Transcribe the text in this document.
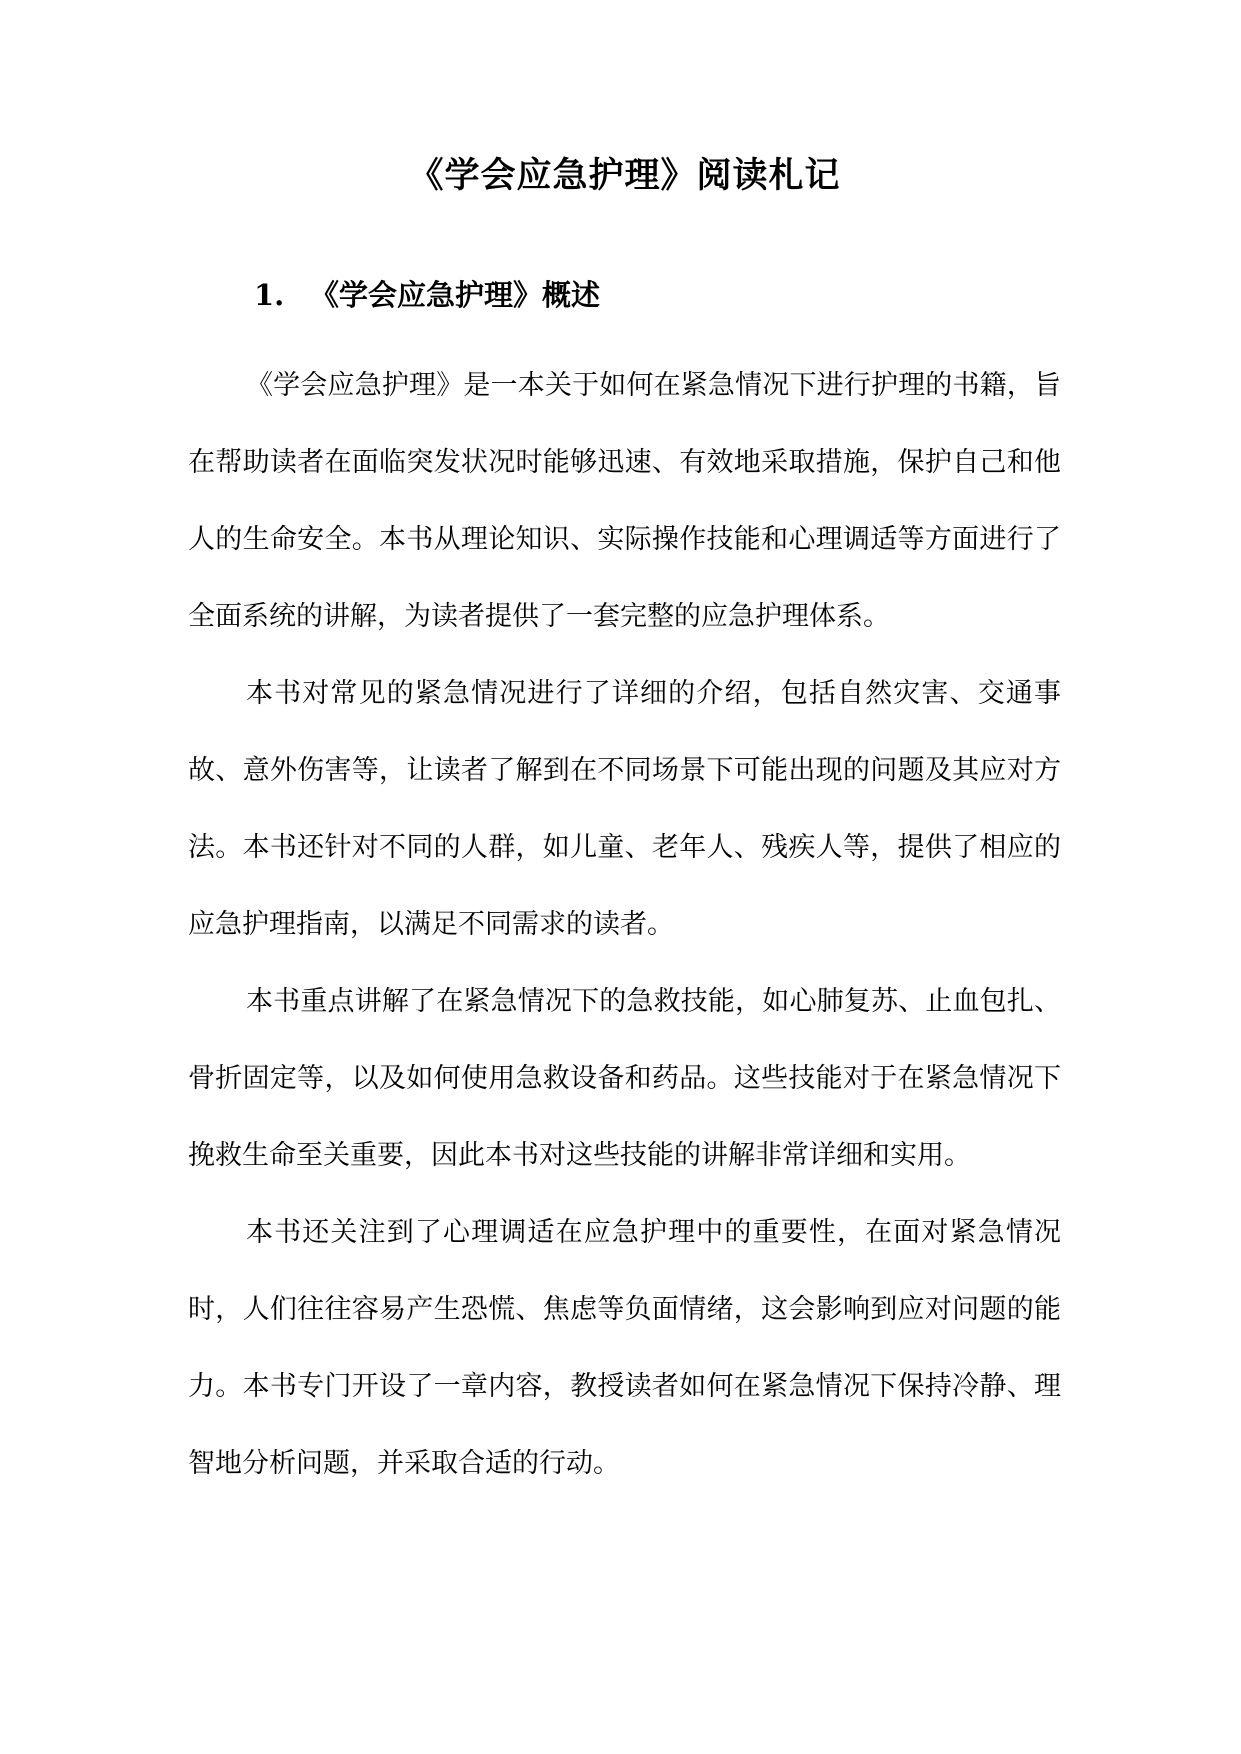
《学会应急护理》阅读札记
1. 《学会应急护理》概述

《学会应急护理》是一本关于如何在紧急情况下进行护理的书籍，旨在帮助读者在面临突发状况时能够迅速、有效地采取措施，保护自己和他人的生命安全。本书从理论知识、实际操作技能和心理调适等方面进行了全面系统的讲解，为读者提供了一套完整的应急护理体系。

本书对常见的紧急情况进行了详细的介绍，包括自然灾害、交通事故、意外伤害等，让读者了解到在不同场景下可能出现的问题及其应对方法。本书还针对不同的人群，如儿童、老年人、残疾人等，提供了相应的应急护理指南，以满足不同需求的读者。

本书重点讲解了在紧急情况下的急救技能，如心肺复苏、止血包扎、骨折固定等，以及如何使用急救设备和药品。这些技能对于在紧急情况下挽救生命至关重要，因此本书对这些技能的讲解非常详细和实用。

本书还关注到了心理调适在应急护理中的重要性，在面对紧急情况时，人们往往容易产生恐慌、焦虑等负面情绪，这会影响到应对问题的能力。本书专门开设了一章内容，教授读者如何在紧急情况下保持冷静、理智地分析问题，并采取合适的行动。
